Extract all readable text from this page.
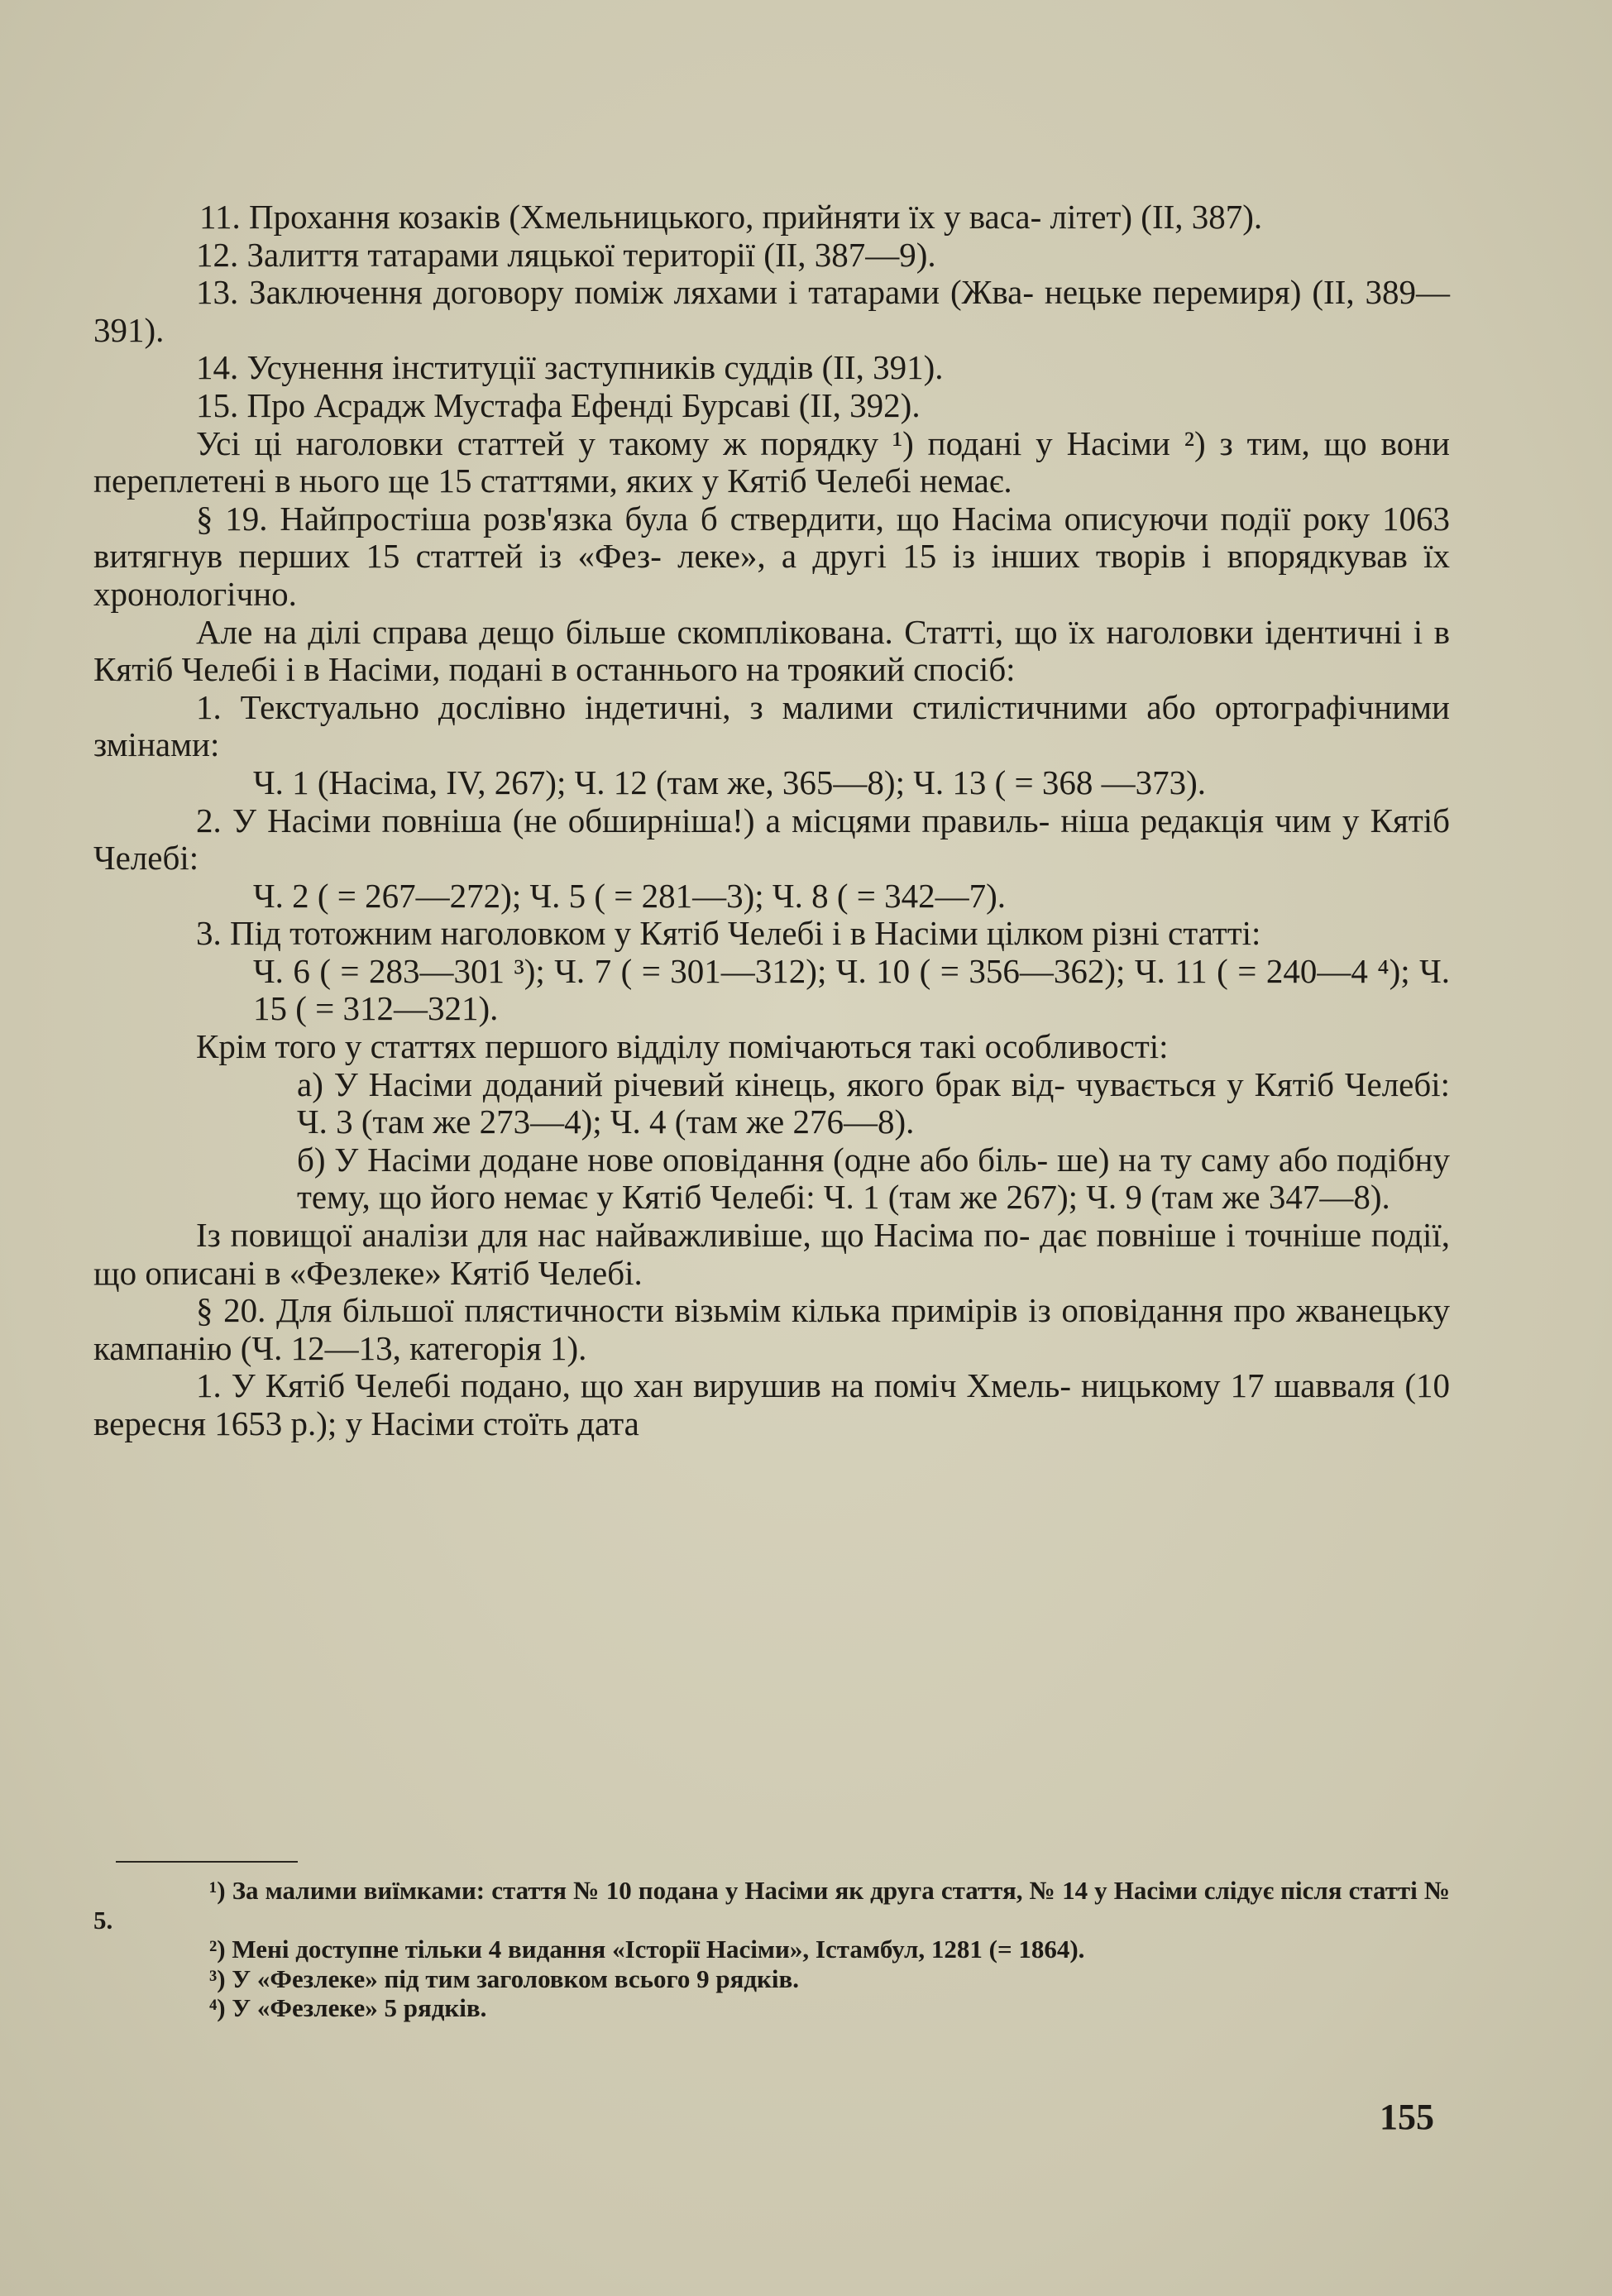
11. Прохання козаків (Хмельницького, прийняти їх у васа- літет) (II, 387).

12. Залиття татарами ляцької території (II, 387—9).

13. Заключення договору поміж ляхами і татарами (Жва- нецьке перемиря) (II, 389—391).

14. Усунення інституції заступників суддів (II, 391).

15. Про Асрадж Мустафа Ефенді Бурсаві (II, 392).

Усі ці наголовки статтей у такому ж порядку ¹) подані у Насіми ²) з тим, що вони переплетені в нього ще 15 статтями, яких у Кятіб Челебі немає.

§ 19. Найпростіша розв'язка була б ствердити, що Насіма описуючи події року 1063 витягнув перших 15 статтей із «Фез- леке», а другі 15 із інших творів і впорядкував їх хронологічно.

Але на ділі справа дещо більше скомплікована. Статті, що їх наголовки ідентичні і в Кятіб Челебі і в Насіми, подані в останнього на троякий спосіб:

1. Текстуально дослівно індетичні, з малими стилістичними або ортографічними змінами:

Ч. 1 (Насіма, IV, 267); Ч. 12 (там же, 365—8); Ч. 13 ( = 368 —373).

2. У Насіми повніша (не обширніша!) а місцями правиль- ніша редакція чим у Кятіб Челебі:

Ч. 2 ( = 267—272); Ч. 5 ( = 281—3); Ч. 8 ( = 342—7).

3. Під тотожним наголовком у Кятіб Челебі і в Насіми цілком різні статті:

Ч. 6 ( = 283—301 ³); Ч. 7 ( = 301—312); Ч. 10 ( = 356—362); Ч. 11 ( = 240—4 ⁴); Ч. 15 ( = 312—321).

Крім того у статтях першого відділу помічаються такі особливості:

а) У Насіми доданий річевий кінець, якого брак від- чувається у Кятіб Челебі: Ч. 3 (там же 273—4); Ч. 4 (там же 276—8).

б) У Насіми додане нове оповідання (одне або біль- ше) на ту саму або подібну тему, що його немає у Кятіб Челебі: Ч. 1 (там же 267); Ч. 9 (там же 347—8).

Із повищої аналізи для нас найважливіше, що Насіма по- дає повніше і точніше події, що описані в «Фезлеке» Кятіб Челебі.

§ 20. Для більшої плястичности візьмім кілька примірів із оповідання про жванецьку кампанію (Ч. 12—13, категорія 1).

1. У Кятіб Челебі подано, що хан вирушив на поміч Хмель- ницькому 17 шавваля (10 вересня 1653 р.); у Насіми стоїть дата

¹) За малими виїмками: стаття № 10 подана у Насіми як друга стаття, № 14 у Насіми слідує після статті № 5.

²) Мені доступне тільки 4 видання «Історії Насіми», Істамбул, 1281 (= 1864).

³) У «Фезлеке» під тим заголовком всього 9 рядків.

⁴) У «Фезлеке» 5 рядків.

155
